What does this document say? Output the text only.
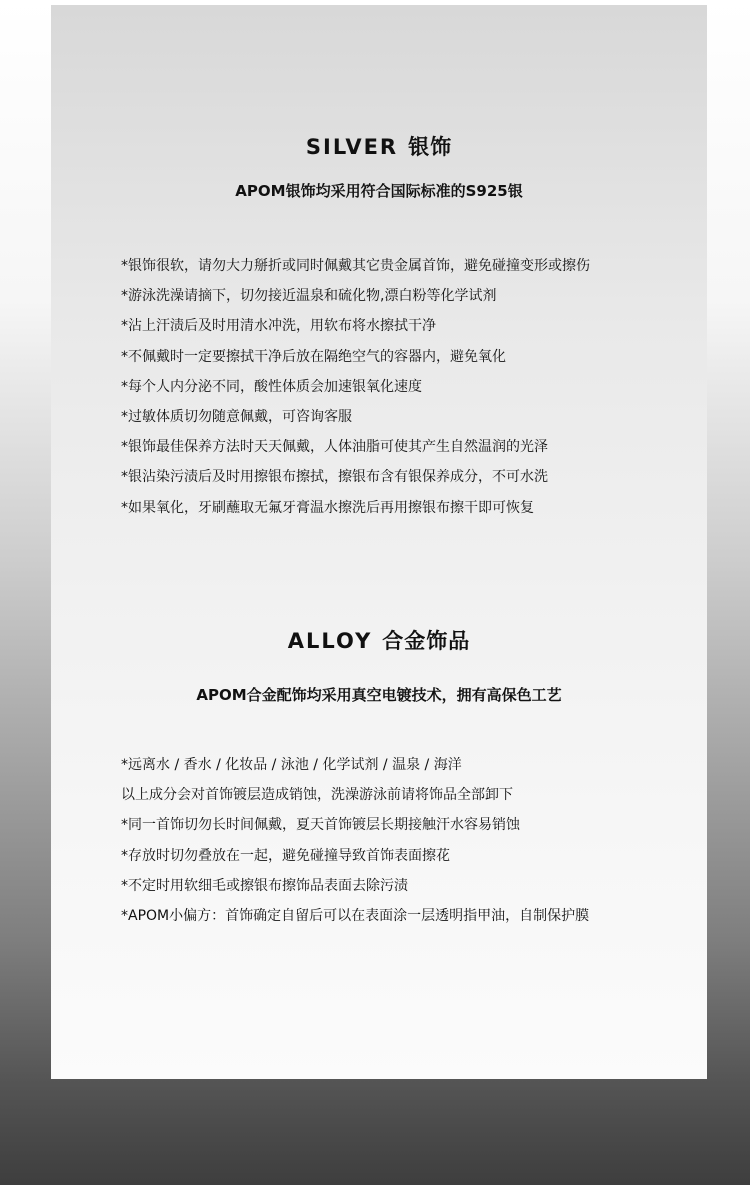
SILVER 银饰
APOM银饰均采用符合国际标准的S925银
*银饰很软，请勿大力掰折或同时佩戴其它贵金属首饰，避免碰撞变形或擦伤
*游泳洗澡请摘下，切勿接近温泉和硫化物,漂白粉等化学试剂
*沾上汗渍后及时用清水冲洗，用软布将水擦拭干净
*不佩戴时一定要擦拭干净后放在隔绝空气的容器内，避免氧化
*每个人内分泌不同，酸性体质会加速银氧化速度
*过敏体质切勿随意佩戴，可咨询客服
*银饰最佳保养方法时天天佩戴，人体油脂可使其产生自然温润的光泽
*银沾染污渍后及时用擦银布擦拭，擦银布含有银保养成分，不可水洗
*如果氧化，牙刷蘸取无氟牙膏温水擦洗后再用擦银布擦干即可恢复
ALLOY 合金饰品
APOM合金配饰均采用真空电镀技术，拥有高保色工艺
*远离水 / 香水 / 化妆品 / 泳池 / 化学试剂 / 温泉 / 海洋
以上成分会对首饰镀层造成销蚀，洗澡游泳前请将饰品全部卸下
*同一首饰切勿长时间佩戴，夏天首饰镀层长期接触汗水容易销蚀
*存放时切勿叠放在一起，避免碰撞导致首饰表面擦花
*不定时用软细毛或擦银布擦饰品表面去除污渍
*APOM小偏方：首饰确定自留后可以在表面涂一层透明指甲油，自制保护膜
